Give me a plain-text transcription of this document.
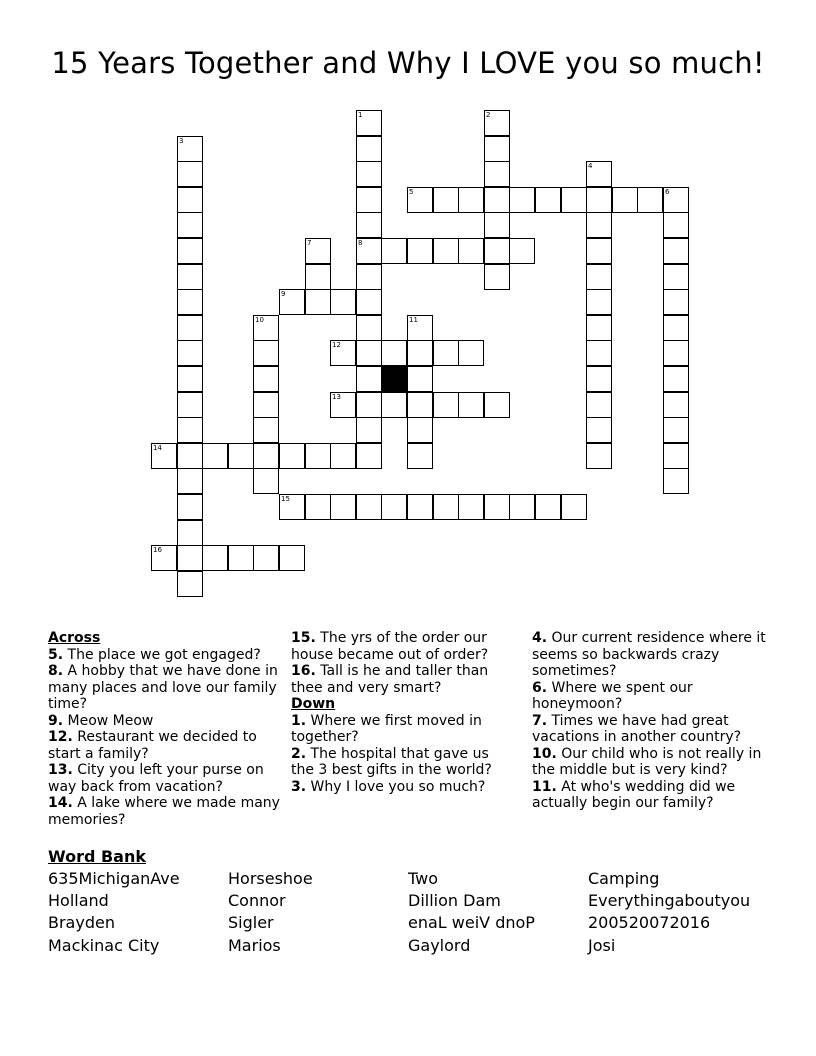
15 Years Together and Why I LOVE you so much!
1	2
3
4
5	6
7	8
9
10	11
12
13
14
15
16
Across

5. The place we got engaged?

8. A hobby that we have done in many places and love our family time?

9. Meow Meow

12. Restaurant we decided to start a family?

13. City you left your purse on way back from vacation?

14. A lake where we made many memories?

15. The yrs of the order our house became out of order?

16. Tall is he and taller than thee and very smart?

Down

1. Where we first moved in together?

2. The hospital that gave us the 3 best gifts in the world?

3. Why I love you so much?

4. Our current residence where it seems so backwards crazy sometimes?

6. Where we spent our honeymoon?

7. Times we have had great vacations in another country?

10. Our child who is not really in the middle but is very kind?

11. At who's wedding did we actually begin our family?

Word Bank
635MichiganAve	Horseshoe	Two	Camping
Holland	Connor	Dillion Dam	Everythingaboutyou
Brayden	Sigler	enaL weiV dnoP	200520072016
Mackinac City	Marios	Gaylord	Josi
